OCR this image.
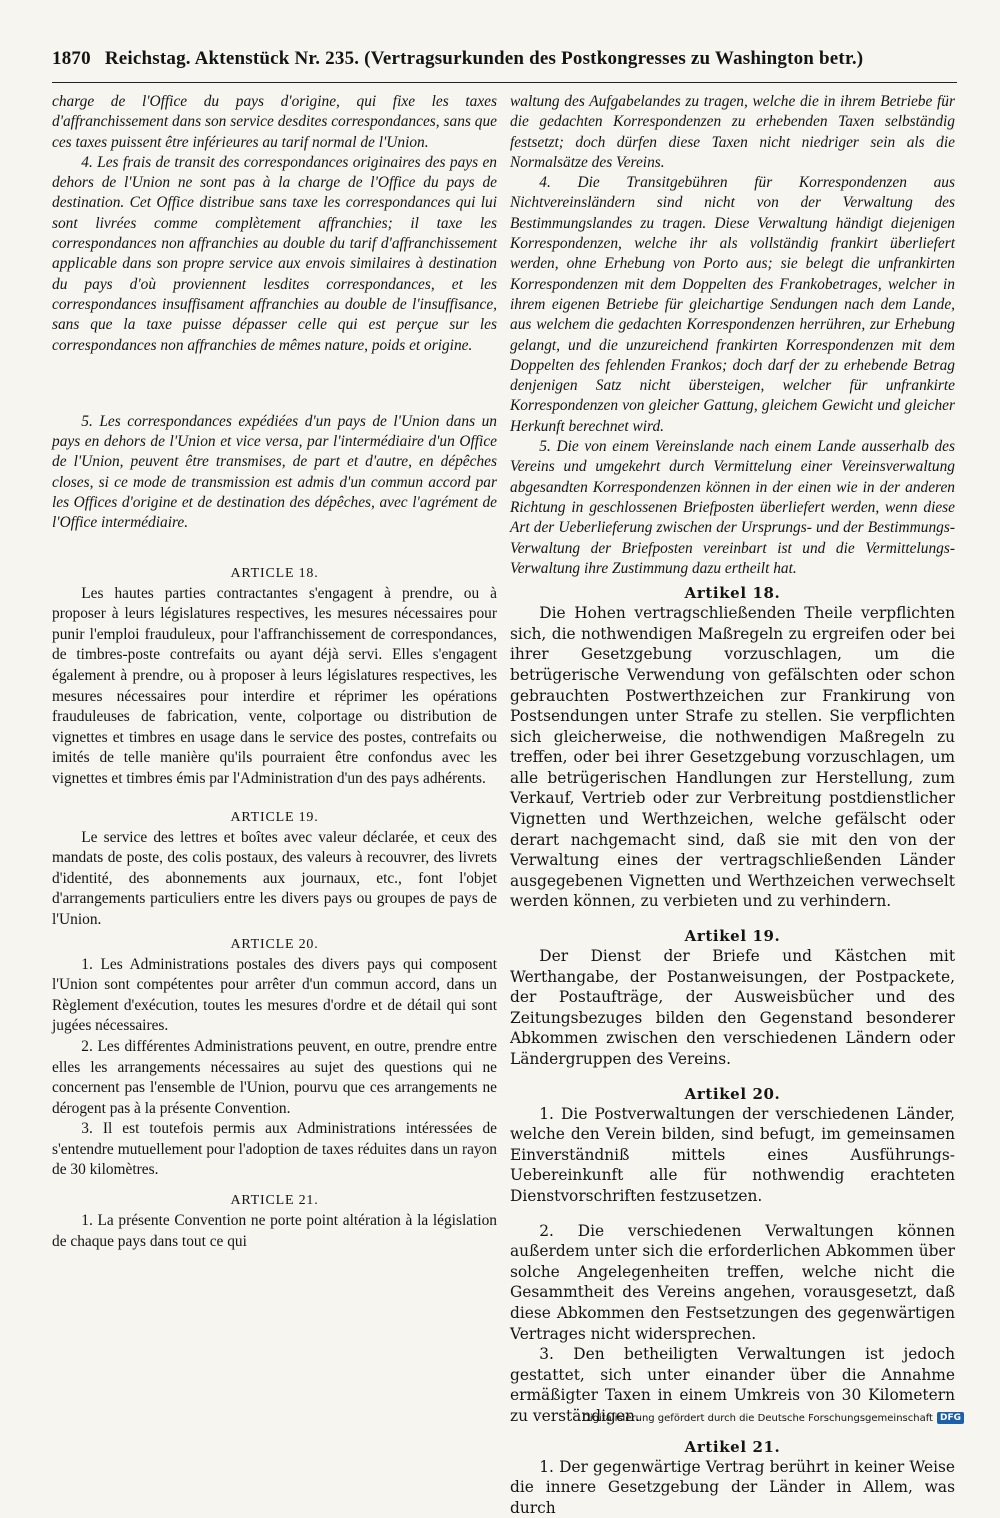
1870 Reichstag. Aktenstück Nr. 235. (Vertragsurkunden des Postkongresses zu Washington betr.)

charge de l'Office du pays d'origine, qui fixe les taxes d'affranchissement dans son service desdites correspondances, sans que ces taxes puissent être inférieures au tarif normal de l'Union.

4. Les frais de transit des correspondances originaires des pays en dehors de l'Union ne sont pas à la charge de l'Office du pays de destination. Cet Office distribue sans taxe les correspondances qui lui sont livrées comme complètement affranchies; il taxe les correspondances non affranchies au double du tarif d'affranchissement applicable dans son propre service aux envois similaires à destination du pays d'où proviennent lesdites correspondances, et les correspondances insuffisament affranchies au double de l'insuffisance, sans que la taxe puisse dépasser celle qui est perçue sur les correspondances non affranchies de mêmes nature, poids et origine.

5. Les correspondances expédiées d'un pays de l'Union dans un pays en dehors de l'Union et vice versa, par l'intermédiaire d'un Office de l'Union, peuvent être transmises, de part et d'autre, en dépêches closes, si ce mode de transmission est admis d'un commun accord par les Offices d'origine et de destination des dépêches, avec l'agrément de l'Office intermédiaire.

ARTICLE 18.

Les hautes parties contractantes s'engagent à prendre, ou à proposer à leurs législatures respectives, les mesures nécessaires pour punir l'emploi frauduleux, pour l'affranchissement de correspondances, de timbres-poste contrefaits ou ayant déjà servi. Elles s'engagent également à prendre, ou à proposer à leurs législatures respectives, les mesures nécessaires pour interdire et réprimer les opérations frauduleuses de fabrication, vente, colportage ou distribution de vignettes et timbres en usage dans le service des postes, contrefaits ou imités de telle manière qu'ils pourraient être confondus avec les vignettes et timbres émis par l'Administration d'un des pays adhérents.

ARTICLE 19.

Le service des lettres et boîtes avec valeur déclarée, et ceux des mandats de poste, des colis postaux, des valeurs à recouvrer, des livrets d'identité, des abonnements aux journaux, etc., font l'objet d'arrangements particuliers entre les divers pays ou groupes de pays de l'Union.

ARTICLE 20.

1. Les Administrations postales des divers pays qui composent l'Union sont compétentes pour arrêter d'un commun accord, dans un Règlement d'exécution, toutes les mesures d'ordre et de détail qui sont jugées nécessaires.

2. Les différentes Administrations peuvent, en outre, prendre entre elles les arrangements nécessaires au sujet des questions qui ne concernent pas l'ensemble de l'Union, pourvu que ces arrangements ne dérogent pas à la présente Convention.

3. Il est toutefois permis aux Administrations intéressées de s'entendre mutuellement pour l'adoption de taxes réduites dans un rayon de 30 kilomètres.

ARTICLE 21.

1. La présente Convention ne porte point altération à la législation de chaque pays dans tout ce qui

waltung des Aufgabelandes zu tragen, welche die in ihrem Betriebe für die gedachten Korrespondenzen zu erhebenden Taxen selbständig festsetzt; doch dürfen diese Taxen nicht niedriger sein als die Normalsätze des Vereins.

4. Die Transitgebühren für Korrespondenzen aus Nichtvereinsländern sind nicht von der Verwaltung des Bestimmungslandes zu tragen. Diese Verwaltung händigt diejenigen Korrespondenzen, welche ihr als vollständig frankirt überliefert werden, ohne Erhebung von Porto aus; sie belegt die unfrankirten Korrespondenzen mit dem Doppelten des Frankobetrages, welcher in ihrem eigenen Betriebe für gleichartige Sendungen nach dem Lande, aus welchem die gedachten Korrespondenzen herrühren, zur Erhebung gelangt, und die unzureichend frankirten Korrespondenzen mit dem Doppelten des fehlenden Frankos; doch darf der zu erhebende Betrag denjenigen Satz nicht übersteigen, welcher für unfrankirte Korrespondenzen von gleicher Gattung, gleichem Gewicht und gleicher Herkunft berechnet wird.

5. Die von einem Vereinslande nach einem Lande ausserhalb des Vereins und umgekehrt durch Vermittelung einer Vereinsverwaltung abgesandten Korrespondenzen können in der einen wie in der anderen Richtung in geschlossenen Briefposten überliefert werden, wenn diese Art der Ueberlieferung zwischen der Ursprungs- und der Bestimmungs-Verwaltung der Briefposten vereinbart ist und die Vermittelungs-Verwaltung ihre Zustimmung dazu ertheilt hat.

Artikel 18.

Die Hohen vertragschließenden Theile verpflichten sich, die nothwendigen Maßregeln zu ergreifen oder bei ihrer Gesetzgebung vorzuschlagen, um die betrügerische Verwendung von gefälschten oder schon gebrauchten Postwerthzeichen zur Frankirung von Postsendungen unter Strafe zu stellen. Sie verpflichten sich gleicherweise, die nothwendigen Maßregeln zu treffen, oder bei ihrer Gesetzgebung vorzuschlagen, um alle betrügerischen Handlungen zur Herstellung, zum Verkauf, Vertrieb oder zur Verbreitung postdienstlicher Vignetten und Werthzeichen, welche gefälscht oder derart nachgemacht sind, daß sie mit den von der Verwaltung eines der vertragschließenden Länder ausgegebenen Vignetten und Werthzeichen verwechselt werden können, zu verbieten und zu verhindern.

Artikel 19.

Der Dienst der Briefe und Kästchen mit Werthangabe, der Postanweisungen, der Postpackete, der Postaufträge, der Ausweisbücher und des Zeitungsbezuges bilden den Gegenstand besonderer Abkommen zwischen den verschiedenen Ländern oder Ländergruppen des Vereins.

Artikel 20.

1. Die Postverwaltungen der verschiedenen Länder, welche den Verein bilden, sind befugt, im gemeinsamen Einverständniß mittels eines Ausführungs-Uebereinkunft alle für nothwendig erachteten Dienstvorschriften festzusetzen.

2. Die verschiedenen Verwaltungen können außerdem unter sich die erforderlichen Abkommen über solche Angelegenheiten treffen, welche nicht die Gesammtheit des Vereins angehen, vorausgesetzt, daß diese Abkommen den Festsetzungen des gegenwärtigen Vertrages nicht widersprechen.

3. Den betheiligten Verwaltungen ist jedoch gestattet, sich unter einander über die Annahme ermäßigter Taxen in einem Umkreis von 30 Kilometern zu verständigen.

Artikel 21.

1. Der gegenwärtige Vertrag berührt in keiner Weise die innere Gesetzgebung der Länder in Allem, was durch

Digitalisierung gefördert durch die Deutsche Forschungsgemeinschaft DFG
